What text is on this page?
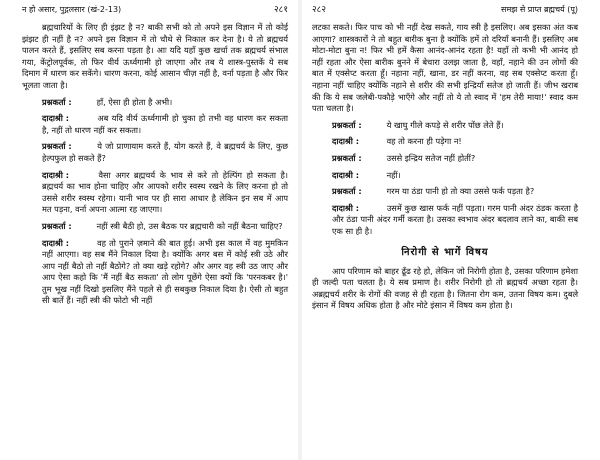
न हो असार, पुद्गलसार (खं-2-13)	२८१

ब्रह्मचारियों के लिए ही इंझट है न? बाकी सभी को तो अपने इस विज्ञान में तो कोई झंझट ही नहीं है न? अपने इस विज्ञान में तो चौथे से निकाल कर देना है। ये तो ब्रह्मचर्य पालन करते हैं, इसलिए सब करना पड़ता है। आः यदि यहाँ कुछ खर्चा तक ब्रह्मचर्य संभाल गया, केंट्रोलपूर्वक, तो फिर वीर्य ऊर्ध्वगामी हो जाएगा और तब ये शास्त्र-पुस्तकें ये सब दिमाग में धारण कर सकेंगे। धारण करना, कोई आसान चीज़ नहीं है, वर्ना पड़ता है और फिर भूलता जाता है।

प्रश्नकर्ता :	हाँ, ऐसा ही होता है अभी।

दादाश्री :	अब यदि वीर्य ऊर्ध्वगामी हो चुका हो तभी वह धारण कर सकता है, नहीं तो धारण नहीं कर सकता।

प्रश्नकर्ता :	ये जो प्राणायाम करते हैं, योग करते हैं, वे ब्रह्मचर्य के लिए, कुछ हेल्पफुल हो सकते हैं?

दादाश्री :	वैसा अगर ब्रह्मचर्य के भाव से करे तो हेल्पिंग हो सकता है। ब्रह्मचर्य का भाव होना चाहिए और आपको शरीर स्वस्थ रखने के लिए करना हो तो उससे शरीर स्वस्थ रहेगा। यानी भाव पर ही सारा आधार है लेकिन इन सब में आप मत पड़ना, वर्ना अपना आत्मा रह जाएगा।

प्रश्नकर्ता :	नहीं स्त्री बैठी हो, उस बैठक पर ब्रह्मचारी को नहीं बैठना चाहिए?

दादाश्री :	वह तो पुराने ज़माने की बात हुई। अभी इस काल में वह मुमकिन नहीं आएगा। वह सब मैंने निकाल दिया है। क्योंकि अगर बस में कोई स्त्री उठे और आप नहीं बैठो तो नहीं बैठोगे? तो क्या खड़े रहोगे? और अगर वह स्त्री उठ जाए और आप ऐसा कहो कि 'मैं नहीं बैठ सकता' तो लोग पूछेंगे ऐसा क्यों कि 'परनकबर है।' तुम भूख नहीं दिखो इसलिए मैंने पहले से ही सबकुछ निकाल दिया है। ऐसी तो बहुत सी बातें हैं। नहीं स्त्री की फोटो भी नहीं

२८२	समझ से प्राप्त ब्रह्मचर्य (पू)

लटका सकते। फिर पाच को भी नहीं देख सकते, गाय स्त्री है इसलिए। अब इसका अंत कब आएगा? शास्त्रकारों ने तो बहुत बारीक बुना है क्योंकि हमें तो दरियाँ बनानी हैं। इसलिए अब मोटा-मोटा बुना न! फिर भी हमें कैसा आनंद-आनंद रहता है! यहाँ तो कभी भी आनंद हो नहीं रहता और ऐसा बारीक बुनने में बेचारा उलझ जाता है, वहाँ, नहाने की उन लोगों की बात में एक्सेप्ट करता हूँ। नहाना नहीं, खाना, डर नहीं करना, वह सब एक्सेप्ट करता हूँ। नहाना नहीं चाहिए क्योंकि नहाने से शरीर की सभी इन्द्रियाँ सतेज हो जाती हैं। जीभ खराब की कि ये सब जलेबी-पकौड़े भाएँगे और नहीं तो ये तो स्वाद में 'हम तेरी माया!' स्वाद कम पता चलता है।

प्रश्नकर्ता :	ये खाघु गीले कपड़े से शरीर पोंछ लेते हैं।

दादाश्री :	वह तो करना ही पड़ेगा न!

प्रश्नकर्ता :	उससे इन्द्रिय सतेज नहीं होतीं?

दादाश्री :	नहीं।

प्रश्नकर्ता :	गरम या ठंडा पानी हो तो क्या उससे फर्क पड़ता है?

दादाश्री :	उसमें कुछ खास फर्क नहीं पड़ता। गरम पानी अंदर ठंडक करता है और ठंडा पानी अंदर गर्मी करता है। उसका स्वभाव अंदर बदलाव लाने का, बाकी सब एक सा ही है।

निरोगी से भागें विषय

आप परिणाम को बाहर ढूँढ रहे हो, लेकिन जो निरोगी होता है, उसका परिणाम हमेशा ही जल्दी पता चलता है। ये सब प्रमाण है। शरीर निरोगी हो तो ब्रह्मचर्य अच्छा रहता है। अब्रह्मचर्य शरीर के रोगों की वजह से ही रहता है। जितना रोग कम, उतना विषय कम। दुबले इंसान में विषय अधिक होता है और मोटे इंसान में विषय कम होता है।
